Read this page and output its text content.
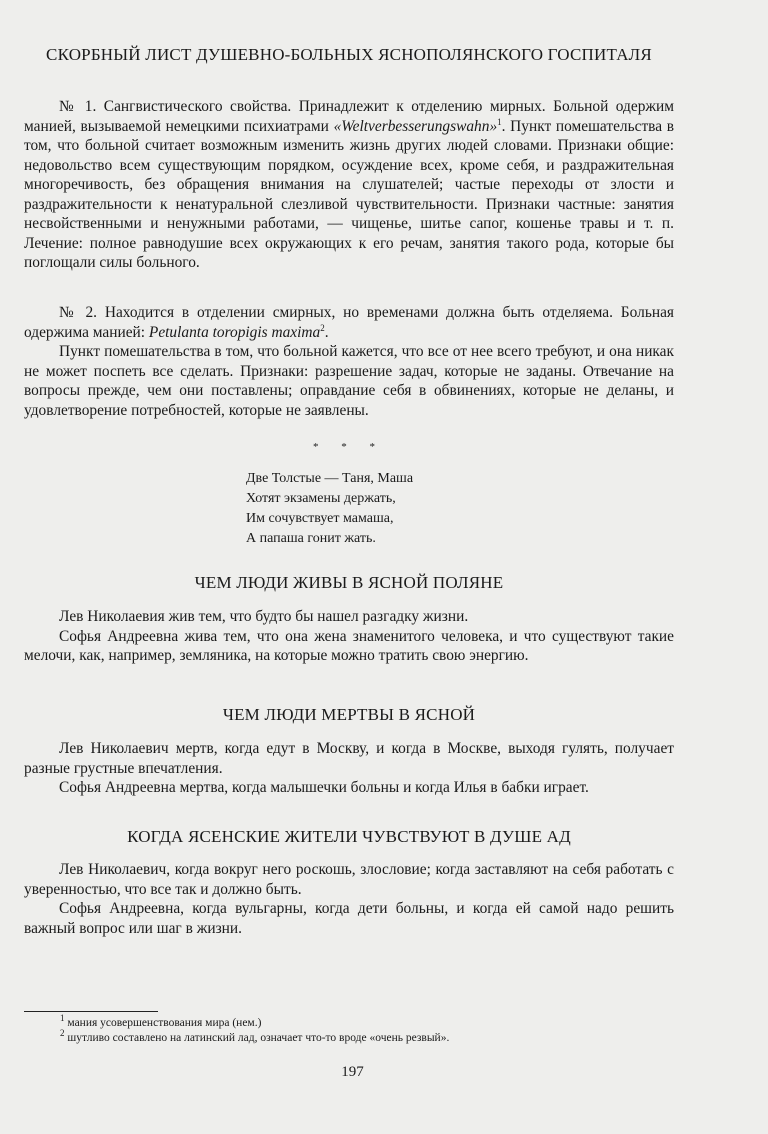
СКОРБНЫЙ ЛИСТ ДУШЕВНО-БОЛЬНЫХ ЯСНОПОЛЯНСКОГО ГОСПИТАЛЯ

№ 1. Сангвистического свойства. Принадлежит к отделению мирных. Больной одержим манией, вызываемой немецкими психиатрами «Weltverbesserungswahn»$^1$. Пункт помешательства в том, что больной считает возможным изменить жизнь других людей словами. Признаки общие: недовольство всем существующим порядком, осуждение всех, кроме себя, и раздражительная многоречивость, без обращения внимания на слушателей; частые переходы от злости и раздражительности к ненатуральной слезливой чувствительности. Признаки частные: занятия несвойственными и ненужными работами, — чищенье, шитье сапог, кошенье травы и т. п. Лечение: полное равнодушие всех окружающих к его речам, занятия такого рода, которые бы поглощали силы больного.

№ 2. Находится в отделении смирных, но временами должна быть отделяема. Больная одержима манией: Petulanta toropigis maxima$^2$.

Пункт помешательства в том, что больной кажется, что все от нее всего требуют, и она никак не может поспеть все сделать. Признаки: разрешение задач, которые не заданы. Отвечание на вопросы прежде, чем они поставлены; оправдание себя в обвинениях, которые не деланы, и удовлетворение потребностей, которые не заявлены.

* * *
Две Толстые — Таня, Маша
Хотят экзамены держать,
Им сочувствует мамаша,
А папаша гонит жать.
ЧЕМ ЛЮДИ ЖИВЫ В ЯСНОЙ ПОЛЯНЕ

Лев Николаевия жив тем, что будто бы нашел разгадку жизни.

Софья Андреевна жива тем, что она жена знаменитого человека, и что существуют такие мелочи, как, например, земляника, на которые можно тратить свою энергию.

ЧЕМ ЛЮДИ МЕРТВЫ В ЯСНОЙ

Лев Николаевич мертв, когда едут в Москву, и когда в Москве, выходя гулять, получает разные грустные впечатления.

Софья Андреевна мертва, когда малышечки больны и когда Илья в бабки играет.

КОГДА ЯСЕНСКИЕ ЖИТЕЛИ ЧУВСТВУЮТ В ДУШЕ АД

Лев Николаевич, когда вокруг него роскошь, злословие; когда заставляют на себя работать с уверенностью, что все так и должно быть.

Софья Андреевна, когда вульгарны, когда дети больны, и когда ей самой надо решить важный вопрос или шаг в жизни.

$^1$ мания усовершенствования мира (нем.)
$^2$ шутливо составлено на латинский лад, означает что-то вроде «очень резвый».
197
